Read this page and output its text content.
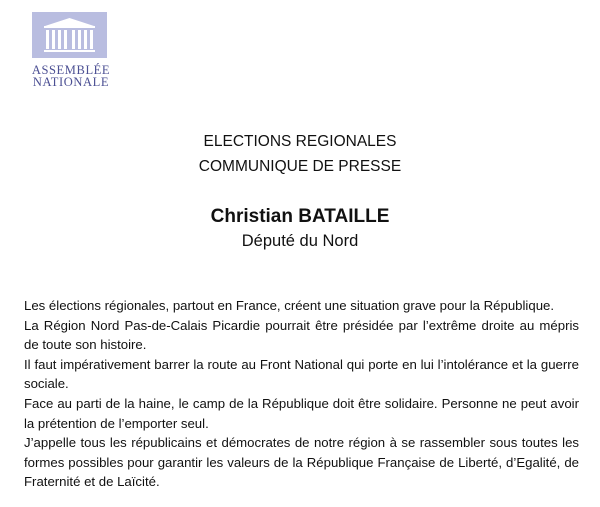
ASSEMBLÉE
NATIONALE
ELECTIONS REGIONALES
COMMUNIQUE DE PRESSE
Christian BATAILLE
Député du Nord

Les élections régionales, partout en France, créent une situation grave pour la République.

La Région Nord Pas-de-Calais Picardie pourrait être présidée par l’extrême droite au mépris de toute son histoire.

Il faut impérativement barrer la route au Front National qui porte en lui l’intolérance et la guerre sociale.

Face au parti de la haine, le camp de la République doit être solidaire. Personne ne peut avoir la prétention de l’emporter seul.

J’appelle tous les républicains et démocrates de notre région à se rassembler sous toutes les formes possibles pour garantir les valeurs de la République Française de Liberté, d’Egalité, de Fraternité et de Laïcité.
